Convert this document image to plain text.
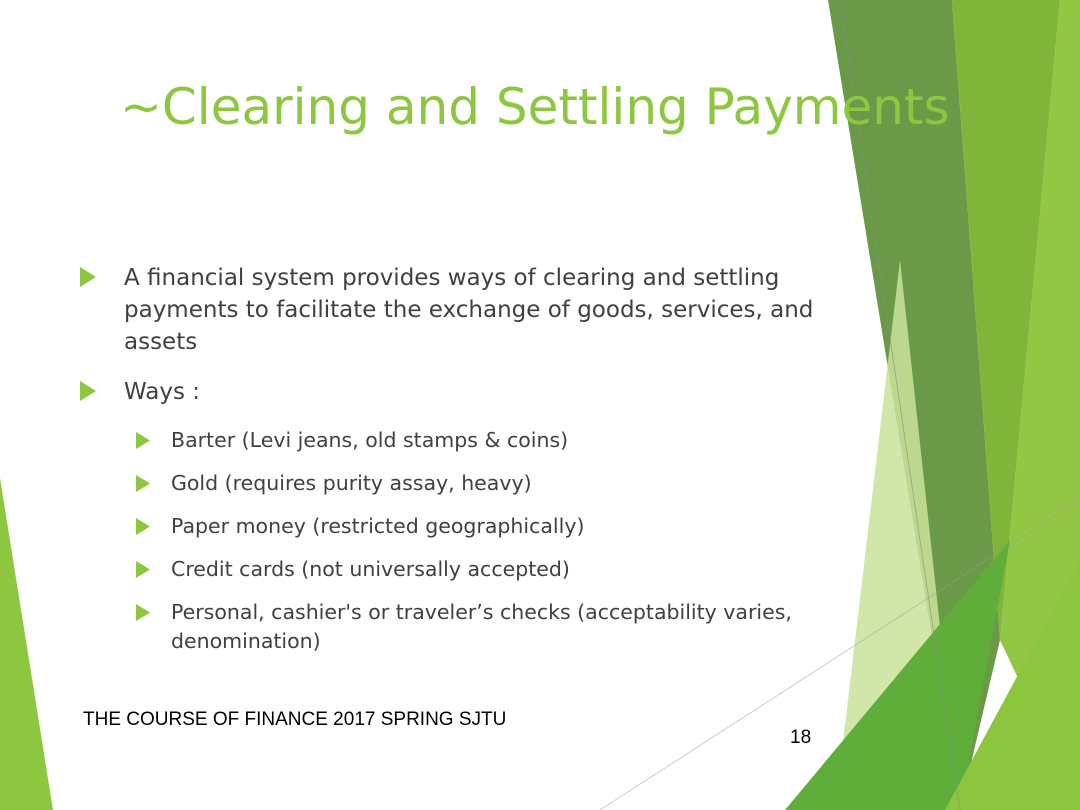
~Clearing and Settling Payments
A financial system provides ways of clearing and settling payments to facilitate the exchange of goods, services, and assets
Ways :
Barter (Levi jeans, old stamps & coins)
Gold (requires purity assay, heavy)
Paper money (restricted geographically)
Credit cards (not universally accepted)
Personal, cashier's or traveler’s checks (acceptability varies, denomination)
THE COURSE OF FINANCE 2017 SPRING SJTU
18
